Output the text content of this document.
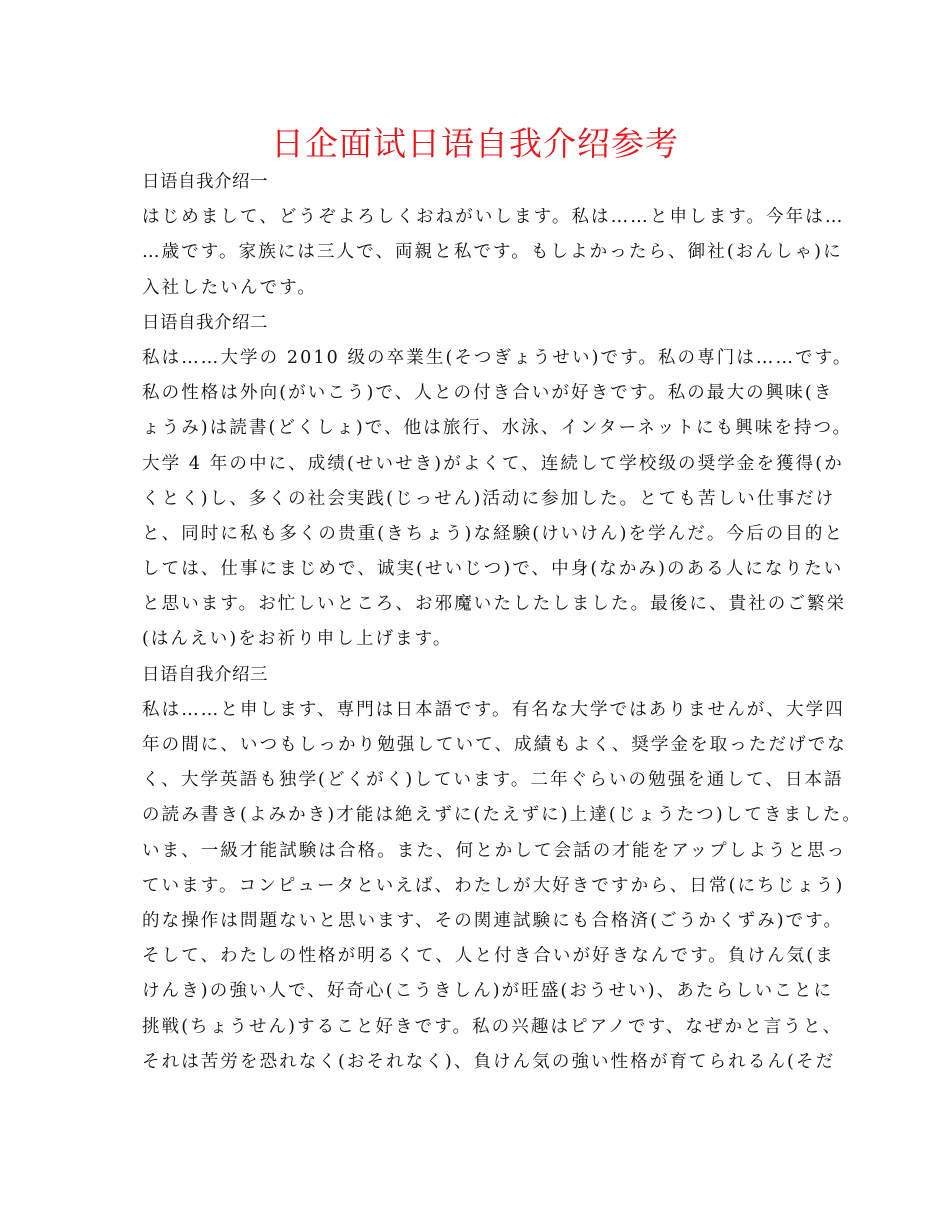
日企面试日语自我介绍参考
日语自我介绍一
はじめまして、どうぞよろしくおねがいします。私は……と申します。今年は…
…歳です。家族には三人で、両親と私です。もしよかったら、御社(おんしゃ)に
入社したいんです。
日语自我介绍二
私は……大学の 2010 级の卒業生(そつぎょうせい)です。私の専门は……です。
私の性格は外向(がいこう)で、人との付き合いが好きです。私の最大の興味(き
ょうみ)は読書(どくしょ)で、他は旅行、水泳、インターネットにも興味を持つ。
大学 4 年の中に、成绩(せいせき)がよくて、连続して学校级の奨学金を獲得(か
くとく)し、多くの社会実践(じっせん)活动に参加した。とても苦しい仕事だけ
と、同时に私も多くの贵重(きちょう)な経験(けいけん)を学んだ。今后の目的と
しては、仕事にまじめで、诚実(せいじつ)で、中身(なかみ)のある人になりたい
と思います。お忙しいところ、お邪魔いたしたしました。最後に、貴社のご繁栄
(はんえい)をお祈り申し上げます。
日语自我介绍三
私は……と申します、専門は日本語です。有名な大学ではありませんが、大学四
年の間に、いつもしっかり勉强していて、成績もよく、奨学金を取っただげでな
く、大学英語も独学(どくがく)しています。二年ぐらいの勉强を通して、日本語
の読み書き(よみかき)才能は絶えずに(たえずに)上達(じょうたつ)してきました。
いま、一級才能試験は合格。また、何とかして会話の才能をアップしようと思っ
ています。コンピュータといえば、わたしが大好きですから、日常(にちじょう)
的な操作は問題ないと思います、その関連試験にも合格済(ごうかくずみ)です。
そして、わたしの性格が明るくて、人と付き合いが好きなんです。負けん気(ま
けんき)の強い人で、好奇心(こうきしん)が旺盛(おうせい)、あたらしいことに
挑戦(ちょうせん)すること好きです。私の兴趣はピアノです、なぜかと言うと、
それは苦労を恐れなく(おそれなく)、負けん気の強い性格が育てられるん(そだ
